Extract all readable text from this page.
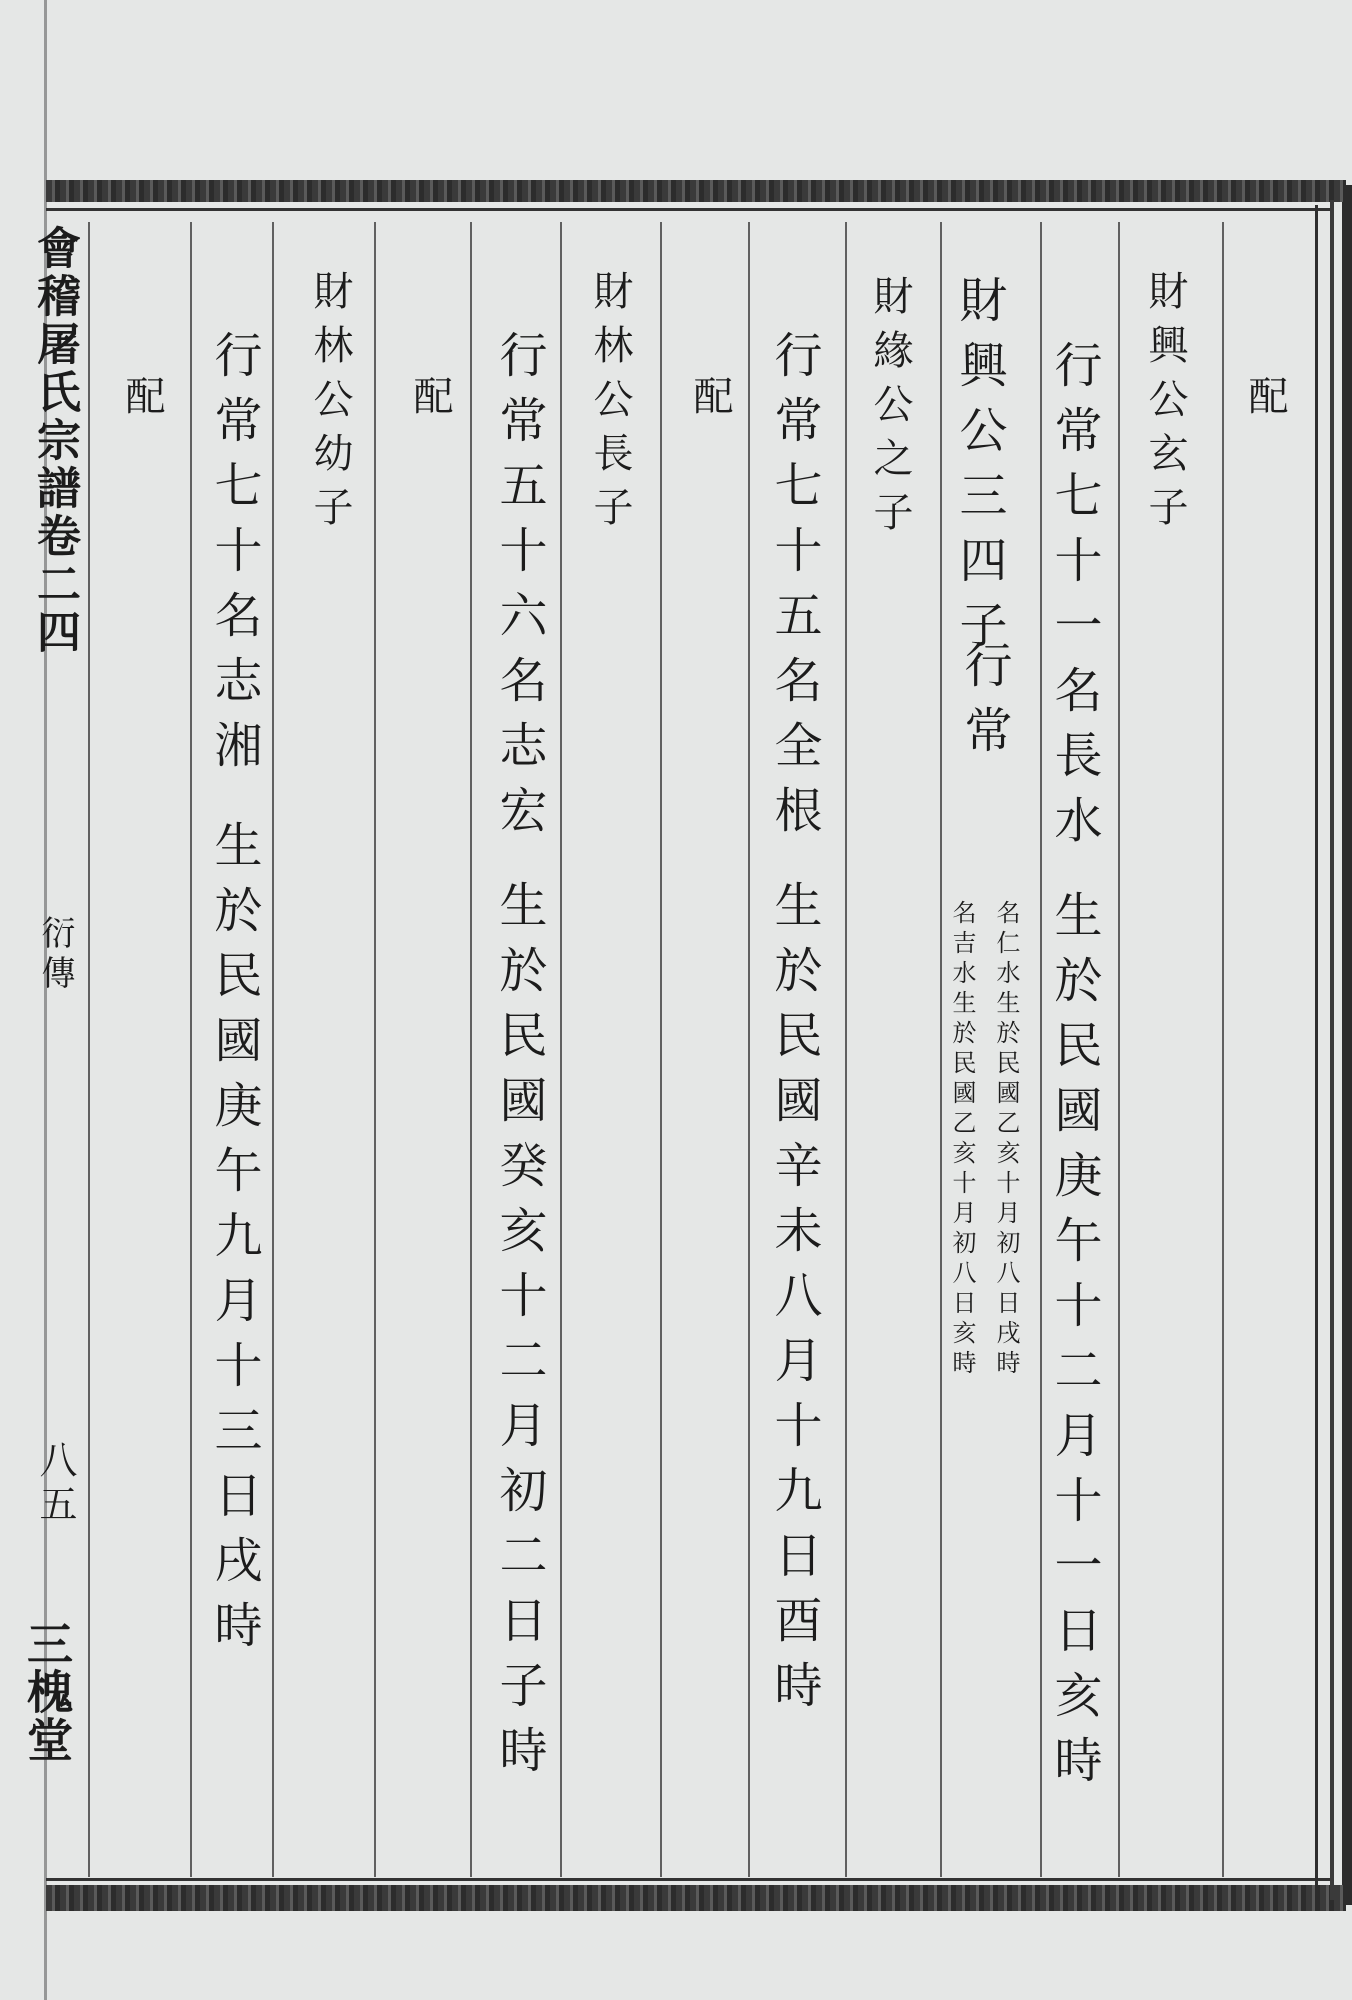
會稽屠氏宗譜卷二四
衍傳
八五
三槐堂
配
財興公玄子
行常七十一名長水
生於民國庚午十二月十一日亥時
財興公三四子
行常
名仁水生於民國乙亥十月初八日戌時
名吉水生於民國乙亥十月初八日亥時
財緣公之子
行常七十五名全根
生於民國辛未八月十九日酉時
配
財林公長子
行常五十六名志宏
生於民國癸亥十二月初二日子時
配
財林公幼子
行常七十名志湘
生於民國庚午九月十三日戌時
配
